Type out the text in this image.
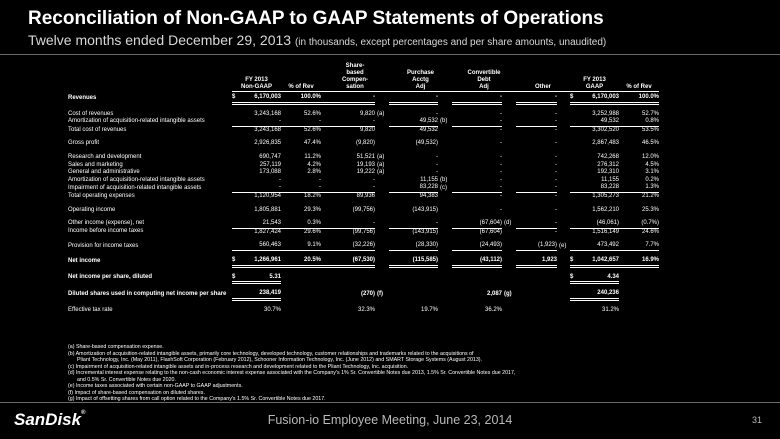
Reconciliation of Non-GAAP to GAAP Statements of Operations
Twelve months ended December 29, 2013 (in thousands, except percentages and per share amounts, unaudited)
				Share-										
				based		Purchase		Convertible						
	FY 2013			Compen-		Acctg		Debt				FY 2013		
	Non-GAAP		% of Rev	sation		Adj		Adj		Other		GAAP		% of Rev

Revenues	$	6,170,003	100.0%	-		-		-		-		$	6,170,003	100.0%

Cost of revenues		3,243,168	52.6%	9,820	(a)	-		-		-			3,252,988	52.7%
Amortization of acquisition-related intangible assets		-	-	-		49,532	(b)	-		-			49,532	0.8%
Total cost of revenues		3,243,168	52.6%	9,820		49,532		-		-			3,302,520	53.5%

Gross profit		2,926,835	47.4%	(9,820)		(49,532)		-		-			2,867,483	46.5%

Research and development		690,747	11.2%	51,521	(a)	-		-		-			742,268	12.0%
Sales and marketing		257,119	4.2%	19,193	(a)	-		-		-			276,312	4.5%
General and administrative		173,088	2.8%	19,222	(a)	-		-		-			192,310	3.1%
Amortization of acquisition-related intangible assets		-	-	-		11,155	(b)	-		-			11,155	0.2%
Impairment of acquisition-related intangible assets		-	-	-		83,228	(c)	-		-			83,228	1.3%
Total operating expenses		1,120,954	18.2%	89,936		94,383		-		-			1,305,273	21.2%

Operating income		1,805,881	29.3%	(99,756)		(143,915)		-		-			1,562,210	25.3%

Other income (expense), net		21,543	0.3%	-		-		(67,604)	(d)	-			(46,061)	(0.7%)
Income before income taxes		1,827,424	29.6%	(99,756)		(143,915)		(67,604)		-			1,516,149	24.6%

Provision for income taxes		560,463	9.1%	(32,226)		(28,330)		(24,493)		(1,923)	(e)		473,492	7.7%

Net income	$	1,266,961	20.5%	(67,530)		(115,585)		(43,112)		1,923		$	1,042,657	16.9%

Net income per share, diluted	$	5.31										$	4.34	

Diluted shares used in computing net income per share		238,419		(270)	(f)			2,087	(g)				240,236	

Effective tax rate		30.7%		32.3%		19.7%		36.2%					31.2%	
(a) Share-based compensation expense.
(b) Amortization of acquisition-related intangible assets, primarily core technology, developed technology, customer relationships and trademarks related to the acquisitions of
Pliant Technology, Inc. (May 2011), FlashSoft Corporation (February 2012), Schooner Information Technology, Inc. (June 2012) and SMART Storage Systems (August 2013).
(c) Impairment of acquisition-related intangible assets and in-process research and development related to the Pliant Technology, Inc. acquisition.
(d) Incremental interest expense relating to the non-cash economic interest expense associated with the Company's 1% Sr. Convertible Notes due 2013, 1.5% Sr. Convertible Notes due 2017,
and 0.5% Sr. Convertible Notes due 2020.
(e) Income taxes associated with certain non-GAAP to GAAP adjustments.
(f) Impact of share-based compensation on diluted shares.
(g) Impact of offsetting shares from call option related to the Company's 1.5% Sr. Convertible Notes due 2017.
SanDisk®	Fusion-io Employee Meeting, June 23, 2014	31
